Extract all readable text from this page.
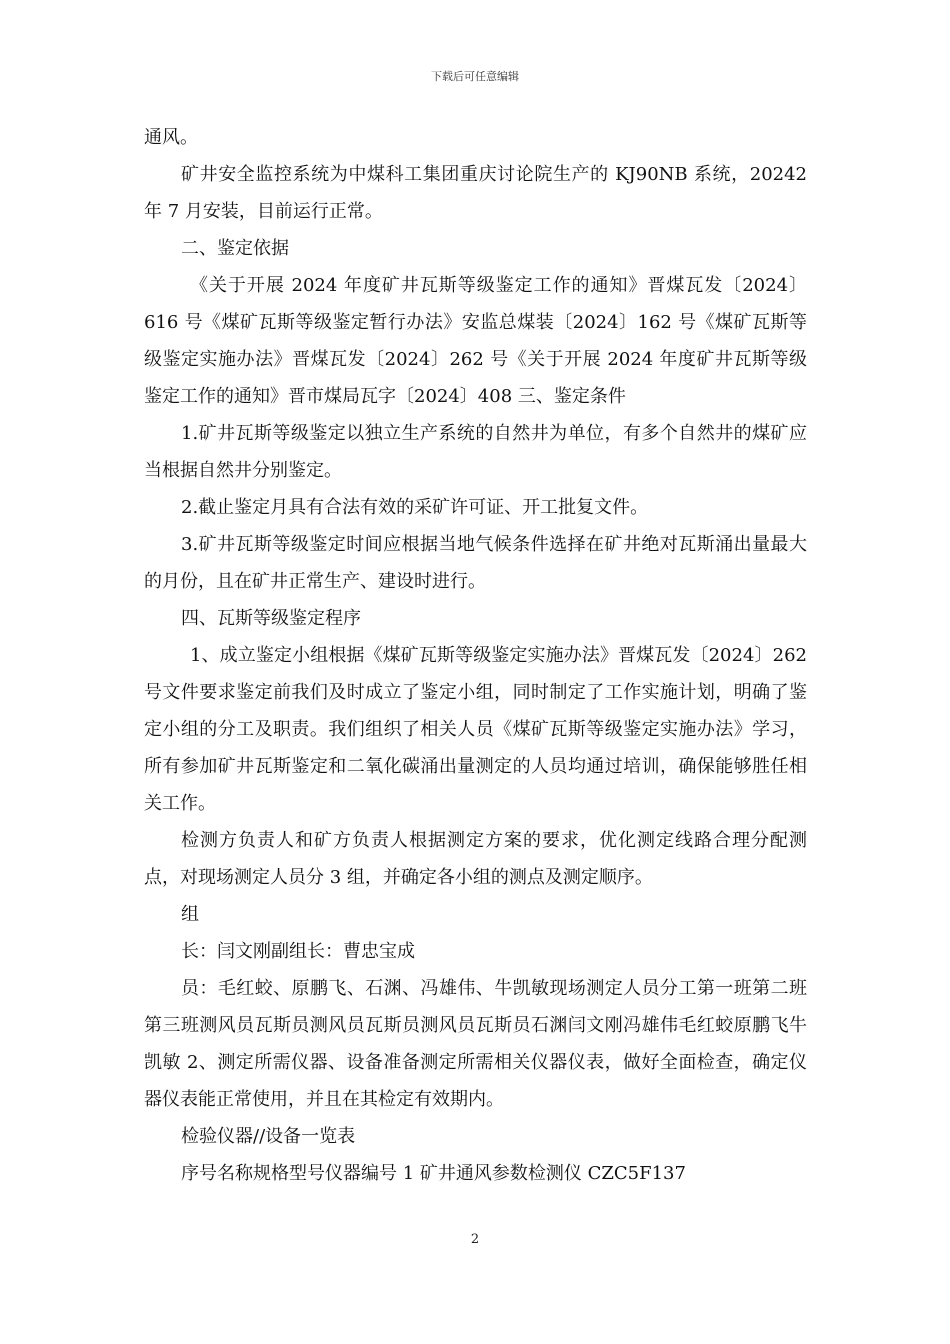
下载后可任意编辑

通风。

矿井安全监控系统为中煤科工集团重庆讨论院生产的 KJ90NB 系统，20242 年 7 月安装，目前运行正常。

二、鉴定依据

《关于开展 2024 年度矿井瓦斯等级鉴定工作的通知》晋煤瓦发〔2024〕616 号《煤矿瓦斯等级鉴定暂行办法》安监总煤装〔2024〕162 号《煤矿瓦斯等级鉴定实施办法》晋煤瓦发〔2024〕262 号《关于开展 2024 年度矿井瓦斯等级鉴定工作的通知》晋市煤局瓦字〔2024〕408 三、鉴定条件

1.矿井瓦斯等级鉴定以独立生产系统的自然井为单位，有多个自然井的煤矿应当根据自然井分别鉴定。

2.截止鉴定月具有合法有效的采矿许可证、开工批复文件。

3.矿井瓦斯等级鉴定时间应根据当地气候条件选择在矿井绝对瓦斯涌出量最大的月份，且在矿井正常生产、建设时进行。

四、瓦斯等级鉴定程序

1、成立鉴定小组根据《煤矿瓦斯等级鉴定实施办法》晋煤瓦发〔2024〕262 号文件要求鉴定前我们及时成立了鉴定小组，同时制定了工作实施计划，明确了鉴定小组的分工及职责。我们组织了相关人员《煤矿瓦斯等级鉴定实施办法》学习，所有参加矿井瓦斯鉴定和二氧化碳涌出量测定的人员均通过培训，确保能够胜任相关工作。

检测方负责人和矿方负责人根据测定方案的要求，优化测定线路合理分配测点，对现场测定人员分 3 组，并确定各小组的测点及测定顺序。

组

长：闫文刚副组长：曹忠宝成

员：毛红蛟、原鹏飞、石渊、冯雄伟、牛凯敏现场测定人员分工第一班第二班第三班测风员瓦斯员测风员瓦斯员测风员瓦斯员石渊闫文刚冯雄伟毛红蛟原鹏飞牛凯敏 2、测定所需仪器、设备准备测定所需相关仪器仪表，做好全面检查，确定仪器仪表能正常使用，并且在其检定有效期内。

检验仪器//设备一览表

序号名称规格型号仪器编号 1 矿井通风参数检测仪 CZC5F137

2
